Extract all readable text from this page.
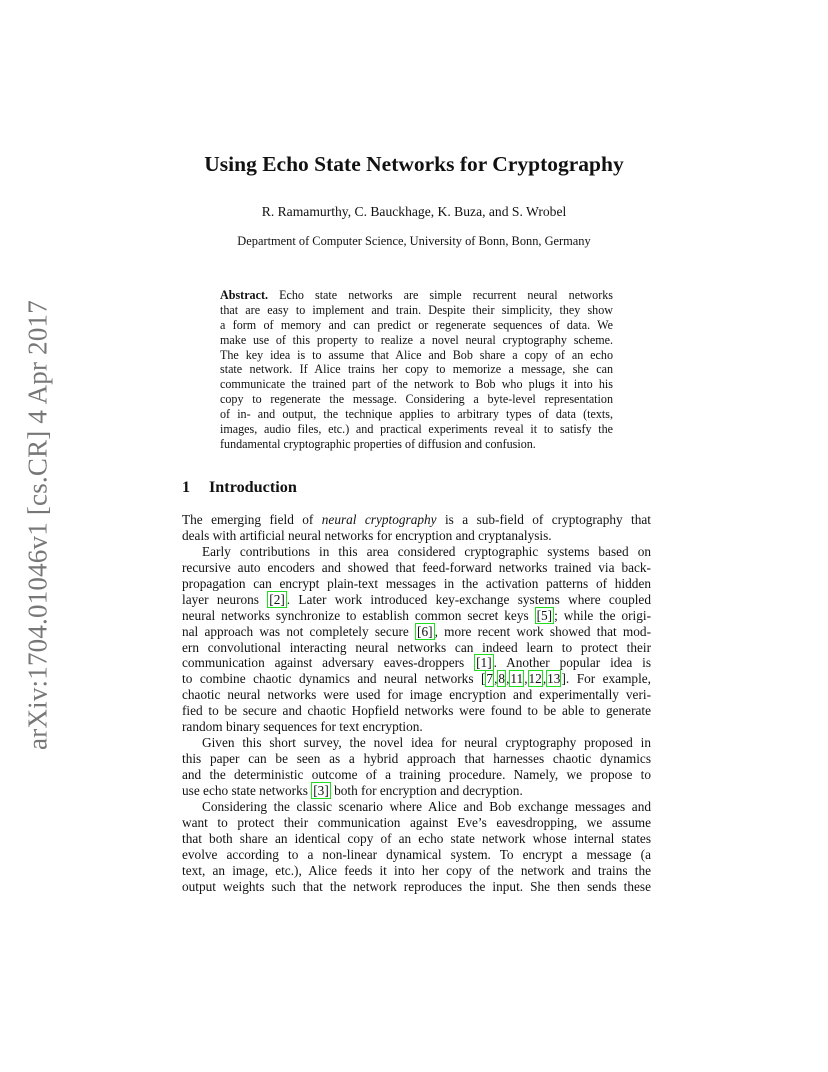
arXiv:1704.01046v1 [cs.CR] 4 Apr 2017
Using Echo State Networks for Cryptography
R. Ramamurthy, C. Bauckhage, K. Buza, and S. Wrobel
Department of Computer Science, University of Bonn, Bonn, Germany
Abstract. Echo state networks are simple recurrent neural networks
that are easy to implement and train. Despite their simplicity, they show
a form of memory and can predict or regenerate sequences of data. We
make use of this property to realize a novel neural cryptography scheme.
The key idea is to assume that Alice and Bob share a copy of an echo
state network. If Alice trains her copy to memorize a message, she can
communicate the trained part of the network to Bob who plugs it into his
copy to regenerate the message. Considering a byte-level representation
of in- and output, the technique applies to arbitrary types of data (texts,
images, audio files, etc.) and practical experiments reveal it to satisfy the
fundamental cryptographic properties of diffusion and confusion.
1 Introduction
The emerging field of neural cryptography is a sub-field of cryptography that
deals with artificial neural networks for encryption and cryptanalysis.
Early contributions in this area considered cryptographic systems based on
recursive auto encoders and showed that feed-forward networks trained via back-
propagation can encrypt plain-text messages in the activation patterns of hidden
layer neurons [2] . Later work introduced key-exchange systems where coupled
neural networks synchronize to establish common secret keys [5] ; while the origi-
nal approach was not completely secure [6] , more recent work showed that mod-
ern convolutional interacting neural networks can indeed learn to protect their
communication against adversary eaves-droppers [1] . Another popular idea is
to combine chaotic dynamics and neural networks [7,8,11,12,13]. For example,
chaotic neural networks were used for image encryption and experimentally veri-
fied to be secure and chaotic Hopfield networks were found to be able to generate
random binary sequences for text encryption.
Given this short survey, the novel idea for neural cryptography proposed in
this paper can be seen as a hybrid approach that harnesses chaotic dynamics
and the deterministic outcome of a training procedure. Namely, we propose to
use echo state networks [3] both for encryption and decryption.
Considering the classic scenario where Alice and Bob exchange messages and
want to protect their communication against Eve’s eavesdropping, we assume
that both share an identical copy of an echo state network whose internal states
evolve according to a non-linear dynamical system. To encrypt a message (a
text, an image, etc.), Alice feeds it into her copy of the network and trains the
output weights such that the network reproduces the input. She then sends these
